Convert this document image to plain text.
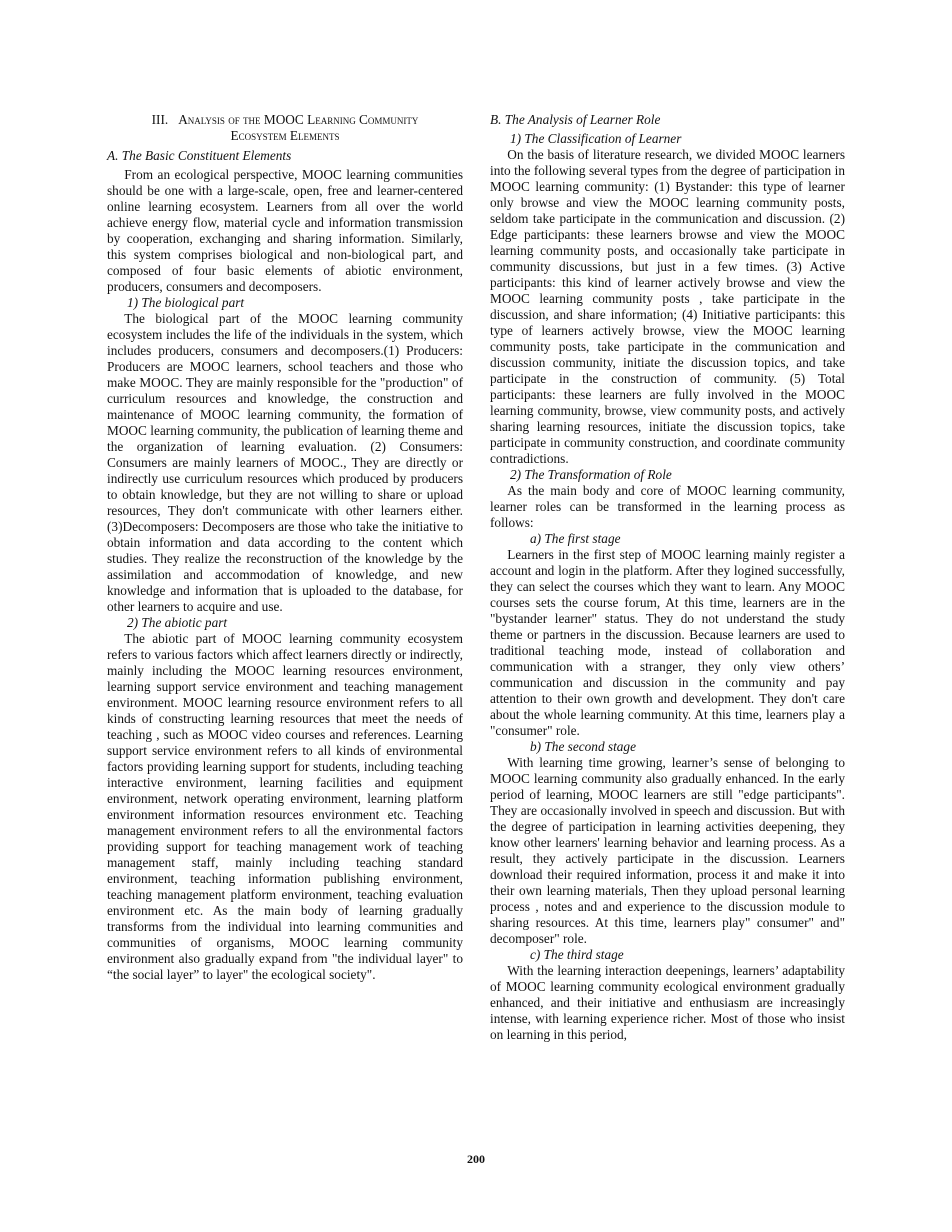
III. Analysis of the MOOC Learning Community
Ecosystem Elements
A. The Basic Constituent Elements

From an ecological perspective, MOOC learning communities should be one with a large-scale, open, free and learner-centered online learning ecosystem. Learners from all over the world achieve energy flow, material cycle and information transmission by cooperation, exchanging and sharing information. Similarly, this system comprises biological and non-biological part, and composed of four basic elements of abiotic environment, producers, consumers and decomposers.

1) The biological part

The biological part of the MOOC learning community ecosystem includes the life of the individuals in the system, which includes producers, consumers and decomposers.(1) Producers: Producers are MOOC learners, school teachers and those who make MOOC. They are mainly responsible for the "production" of curriculum resources and knowledge, the construction and maintenance of MOOC learning community, the formation of MOOC learning community, the publication of learning theme and the organization of learning evaluation. (2) Consumers: Consumers are mainly learners of MOOC., They are directly or indirectly use curriculum resources which produced by producers to obtain knowledge, but they are not willing to share or upload resources, They don't communicate with other learners either. (3)Decomposers: Decomposers are those who take the initiative to obtain information and data according to the content which studies. They realize the reconstruction of the knowledge by the assimilation and accommodation of knowledge, and new knowledge and information that is uploaded to the database, for other learners to acquire and use.

2) The abiotic part

The abiotic part of MOOC learning community ecosystem refers to various factors which affect learners directly or indirectly, mainly including the MOOC learning resources environment, learning support service environment and teaching management environment. MOOC learning resource environment refers to all kinds of constructing learning resources that meet the needs of teaching , such as MOOC video courses and references. Learning support service environment refers to all kinds of environmental factors providing learning support for students, including teaching interactive environment, learning facilities and equipment environment, network operating environment, learning platform environment information resources environment etc. Teaching management environment refers to all the environmental factors providing support for teaching management work of teaching management staff, mainly including teaching standard environment, teaching information publishing environment, teaching management platform environment, teaching evaluation environment etc. As the main body of learning gradually transforms from the individual into learning communities and communities of organisms, MOOC learning community environment also gradually expand from "the individual layer" to “the social layer” to layer" the ecological society".

B. The Analysis of Learner Role
1) The Classification of Learner

On the basis of literature research, we divided MOOC learners into the following several types from the degree of participation in MOOC learning community: (1) Bystander: this type of learner only browse and view the MOOC learning community posts, seldom take participate in the communication and discussion. (2) Edge participants: these learners browse and view the MOOC learning community posts, and occasionally take participate in community discussions, but just in a few times. (3) Active participants: this kind of learner actively browse and view the MOOC learning community posts , take participate in the discussion, and share information; (4) Initiative participants: this type of learners actively browse, view the MOOC learning community posts, take participate in the communication and discussion community, initiate the discussion topics, and take participate in the construction of community. (5) Total participants: these learners are fully involved in the MOOC learning community, browse, view community posts, and actively sharing learning resources, initiate the discussion topics, take participate in community construction, and coordinate community contradictions.

2) The Transformation of Role

As the main body and core of MOOC learning community, learner roles can be transformed in the learning process as follows:

a) The first stage

Learners in the first step of MOOC learning mainly register a account and login in the platform. After they logined successfully, they can select the courses which they want to learn. Any MOOC courses sets the course forum, At this time, learners are in the "bystander learner" status. They do not understand the study theme or partners in the discussion. Because learners are used to traditional teaching mode, instead of collaboration and communication with a stranger, they only view others’ communication and discussion in the community and pay attention to their own growth and development. They don't care about the whole learning community. At this time, learners play a "consumer" role.

b) The second stage

With learning time growing, learner’s sense of belonging to MOOC learning community also gradually enhanced. In the early period of learning, MOOC learners are still "edge participants". They are occasionally involved in speech and discussion. But with the degree of participation in learning activities deepening, they know other learners' learning behavior and learning process. As a result, they actively participate in the discussion. Learners download their required information, process it and make it into their own learning materials, Then they upload personal learning process , notes and and experience to the discussion module to sharing resources. At this time, learners play" consumer" and" decomposer" role.

c) The third stage

With the learning interaction deepenings, learners’ adaptability of MOOC learning community ecological environment gradually enhanced, and their initiative and enthusiasm are increasingly intense, with learning experience richer. Most of those who insist on learning in this period,

200
